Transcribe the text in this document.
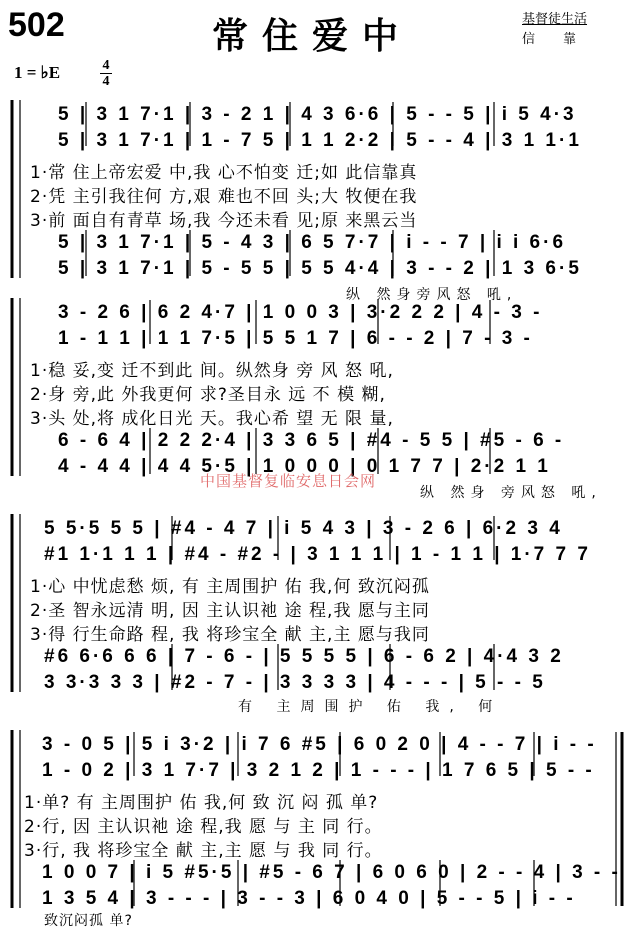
502	常住爱中	基督徒生活
信靠
1 = ♭E	4
4
5 | 3 1 7·1 | 3 - 2 1 | 4 3 6·6 | 5 - - 5 | i 5 4·3
5 | 3 1 7·1 | 1 - 7 5 | 1 1 2·2 | 5 - - 4 | 3 1 1·1
1·常 住上帝宏爱 中,我 心不怕变 迁;如 此信靠真
2·凭 主引我往何 方,艰 难也不回 头;大 牧便在我
3·前 面自有青草 场,我 今还未看 见;原 来黑云当
5 | 3 1 7·1 | 5 - 4 3 | 6 5 7·7 | i - - 7 | i i 6·6
5 | 3 1 7·1 | 5 - 5 5 | 5 5 4·4 | 3 - - 2 | 1 3 6·5
纵 然身旁风怒 吼,
3 - 2 6 | 6 2 4·7 | 1 0 0 3 | 3·2 2 2 | 4 - 3 -
1 - 1 1 | 1 1 7·5 | 5 5 1 7 | 6 - - 2 | 7 - 3 -
1·稳 妥,变 迁不到此 间。纵然身 旁 风 怒 吼,
2·身 旁,此 外我更何 求?圣目永 远 不 模 糊,
3·头 处,将 成化日光 天。我心希 望 无 限 量,
6 - 6 4 | 2 2 2·4 | 3 3 6 5 | #4 - 5 5 | #5 - 6 -
4 - 4 4 | 4 4 5·5 | 1 0 0 0 | 0 1 7 7 | 2·2 1 1
中国基督复临安息日会网
纵 然身 旁风怒 吼,
5 5·5 5 5 | #4 - 4 7 | i 5 4 3 | 3 - 2 6 | 6·2 3 4
#1 1·1 1 1 | #4 - #2 - | 3 1 1 1 | 1 - 1 1 | 1·7 7 7
1·心 中忧虑愁 烦, 有 主周围护 佑 我,何 致沉闷孤
2·圣 智永远清 明, 因 主认识祂 途 程,我 愿与主同
3·得 行生命路 程, 我 将珍宝全 献 主,主 愿与我同
#6 6·6 6 6 | 7 - 6 - | 5 5 5 5 | 6 - 6 2 | 4·4 3 2
3 3·3 3 3 | #2 - 7 - | 3 3 3 3 | 4 - - - | 5 - - 5
有 主周围护 佑 我, 何
3 - 0 5 | 5 i 3·2 | i 7 6 #5 | 6 0 2 0 | 4 - - 7 | i - -
1 - 0 2 | 3 1 7·7 | 3 2 1 2 | 1 - - - | 1 7 6 5 | 5 - -
1·单? 有 主周围护 佑 我,何 致 沉 闷 孤 单?
2·行, 因 主认识祂 途 程,我 愿 与 主 同 行。
3·行, 我 将珍宝全 献 主,主 愿 与 我 同 行。
1 0 0 7 | i 5 #5·5 | #5 - 6 7 | 6 0 6 0 | 2 - - 4 | 3 - -
1 3 5 4 | 3 - - - | 3 - - 3 | 6 0 4 0 | 5 - - 5 | i - -
致沉闷孤 单?
